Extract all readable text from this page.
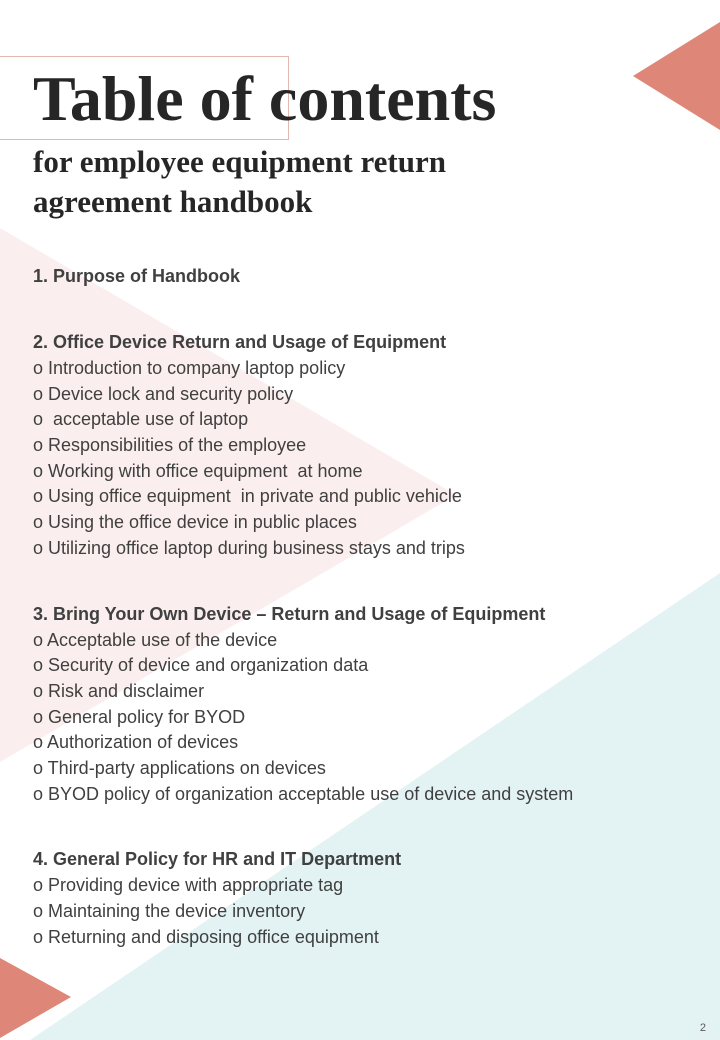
Table of contents
for employee equipment return
agreement handbook
1. Purpose of Handbook
2. Office Device Return and Usage of Equipment
o Introduction to company laptop policy
o Device lock and security policy
o  acceptable use of laptop
o Responsibilities of the employee
o Working with office equipment  at home
o Using office equipment  in private and public vehicle
o Using the office device in public places
o Utilizing office laptop during business stays and trips
3. Bring Your Own Device – Return and Usage of Equipment
o Acceptable use of the device
o Security of device and organization data
o Risk and disclaimer
o General policy for BYOD
o Authorization of devices
o Third-party applications on devices
o BYOD policy of organization acceptable use of device and system
4. General Policy for HR and IT Department
o Providing device with appropriate tag
o Maintaining the device inventory
o Returning and disposing office equipment
2
